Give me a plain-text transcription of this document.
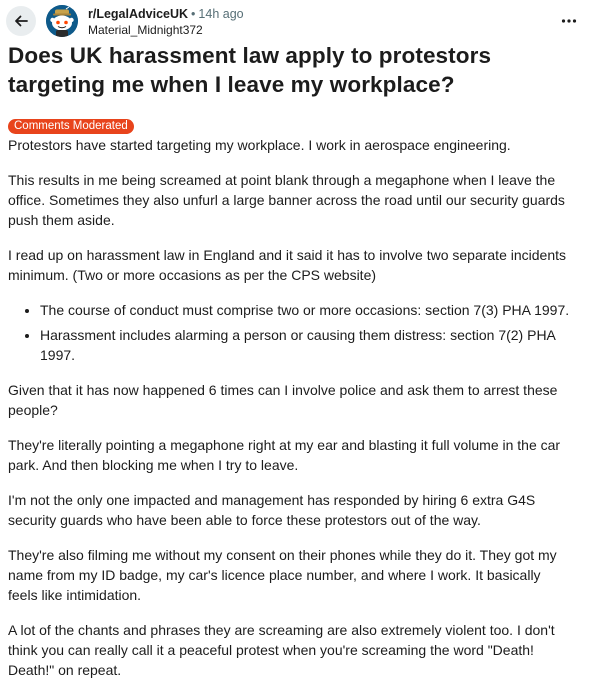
r/LegalAdviceUK • 14h ago
Material_Midnight372
Does UK harassment law apply to protestors targeting me when I leave my workplace?
Comments Moderated

Protestors have started targeting my workplace. I work in aerospace engineering.

This results in me being screamed at point blank through a megaphone when I leave the office. Sometimes they also unfurl a large banner across the road until our security guards push them aside.

I read up on harassment law in England and it said it has to involve two separate incidents minimum. (Two or more occasions as per the CPS website)

• The course of conduct must comprise two or more occasions: section 7(3) PHA 1997.
• Harassment includes alarming a person or causing them distress: section 7(2) PHA 1997.

Given that it has now happened 6 times can I involve police and ask them to arrest these people?

They're literally pointing a megaphone right at my ear and blasting it full volume in the car park. And then blocking me when I try to leave.

I'm not the only one impacted and management has responded by hiring 6 extra G4S security guards who have been able to force these protestors out of the way.

They're also filming me without my consent on their phones while they do it. They got my name from my ID badge, my car's licence place number, and where I work. It basically feels like intimidation.

A lot of the chants and phrases they are screaming are also extremely violent too. I don't think you can really call it a peaceful protest when you're screaming the word "Death! Death!" on repeat.
